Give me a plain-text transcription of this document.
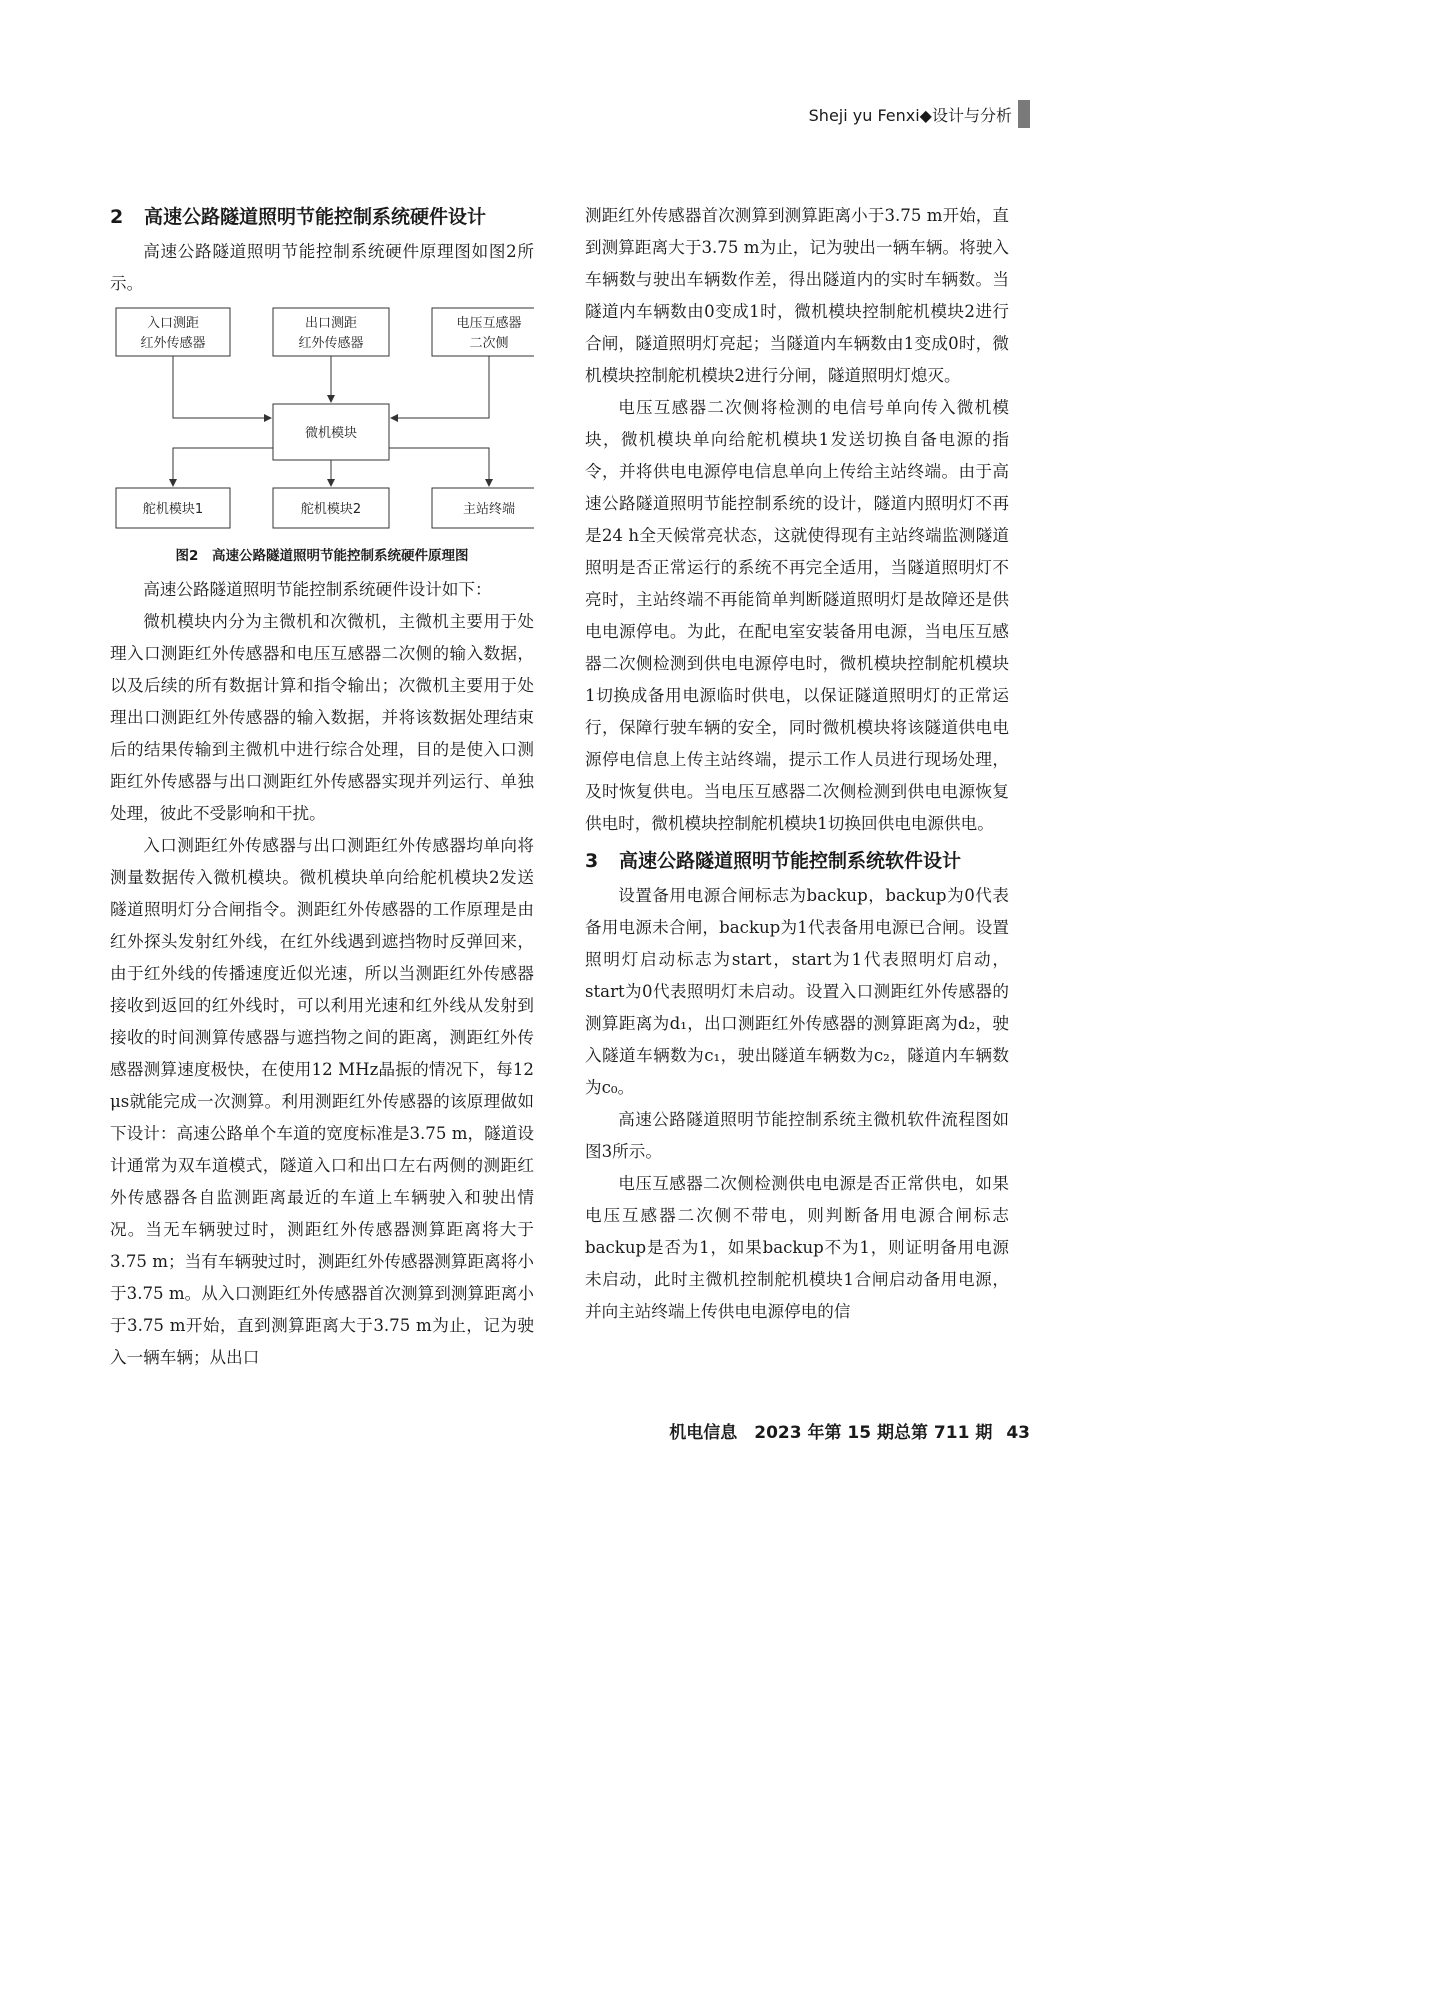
Sheji yu Fenxi◆设计与分析
2 高速公路隧道照明节能控制系统硬件设计

高速公路隧道照明节能控制系统硬件原理图如图2所示。

入口测距
红外传感器
出口测距
红外传感器
电压互感器
二次侧
微机模块
舵机模块1	舵机模块2	主站终端
图2　高速公路隧道照明节能控制系统硬件原理图

高速公路隧道照明节能控制系统硬件设计如下：

微机模块内分为主微机和次微机，主微机主要用于处理入口测距红外传感器和电压互感器二次侧的输入数据，以及后续的所有数据计算和指令输出；次微机主要用于处理出口测距红外传感器的输入数据，并将该数据处理结束后的结果传输到主微机中进行综合处理，目的是使入口测距红外传感器与出口测距红外传感器实现并列运行、单独处理，彼此不受影响和干扰。

入口测距红外传感器与出口测距红外传感器均单向将测量数据传入微机模块。微机模块单向给舵机模块2发送隧道照明灯分合闸指令。测距红外传感器的工作原理是由红外探头发射红外线，在红外线遇到遮挡物时反弹回来，由于红外线的传播速度近似光速，所以当测距红外传感器接收到返回的红外线时，可以利用光速和红外线从发射到接收的时间测算传感器与遮挡物之间的距离，测距红外传感器测算速度极快，在使用12 MHz晶振的情况下，每12 μs就能完成一次测算。利用测距红外传感器的该原理做如下设计：高速公路单个车道的宽度标准是3.75 m，隧道设计通常为双车道模式，隧道入口和出口左右两侧的测距红外传感器各自监测距离最近的车道上车辆驶入和驶出情况。当无车辆驶过时，测距红外传感器测算距离将大于3.75 m；当有车辆驶过时，测距红外传感器测算距离将小于3.75 m。从入口测距红外传感器首次测算到测算距离小于3.75 m开始，直到测算距离大于3.75 m为止，记为驶入一辆车辆；从出口

测距红外传感器首次测算到测算距离小于3.75 m开始，直到测算距离大于3.75 m为止，记为驶出一辆车辆。将驶入车辆数与驶出车辆数作差，得出隧道内的实时车辆数。当隧道内车辆数由0变成1时，微机模块控制舵机模块2进行合闸，隧道照明灯亮起；当隧道内车辆数由1变成0时，微机模块控制舵机模块2进行分闸，隧道照明灯熄灭。

电压互感器二次侧将检测的电信号单向传入微机模块，微机模块单向给舵机模块1发送切换自备电源的指令，并将供电电源停电信息单向上传给主站终端。由于高速公路隧道照明节能控制系统的设计，隧道内照明灯不再是24 h全天候常亮状态，这就使得现有主站终端监测隧道照明是否正常运行的系统不再完全适用，当隧道照明灯不亮时，主站终端不再能简单判断隧道照明灯是故障还是供电电源停电。为此，在配电室安装备用电源，当电压互感器二次侧检测到供电电源停电时，微机模块控制舵机模块1切换成备用电源临时供电，以保证隧道照明灯的正常运行，保障行驶车辆的安全，同时微机模块将该隧道供电电源停电信息上传主站终端，提示工作人员进行现场处理，及时恢复供电。当电压互感器二次侧检测到供电电源恢复供电时，微机模块控制舵机模块1切换回供电电源供电。

3 高速公路隧道照明节能控制系统软件设计

设置备用电源合闸标志为backup，backup为0代表备用电源未合闸，backup为1代表备用电源已合闸。设置照明灯启动标志为start，start为1代表照明灯启动，start为0代表照明灯未启动。设置入口测距红外传感器的测算距离为d₁，出口测距红外传感器的测算距离为d₂，驶入隧道车辆数为c₁，驶出隧道车辆数为c₂，隧道内车辆数为c₀。

高速公路隧道照明节能控制系统主微机软件流程图如图3所示。

电压互感器二次侧检测供电电源是否正常供电，如果电压互感器二次侧不带电，则判断备用电源合闸标志backup是否为1，如果backup不为1，则证明备用电源未启动，此时主微机控制舵机模块1合闸启动备用电源，并向主站终端上传供电电源停电的信

机电信息　2023 年第 15 期总第 711 期 43
